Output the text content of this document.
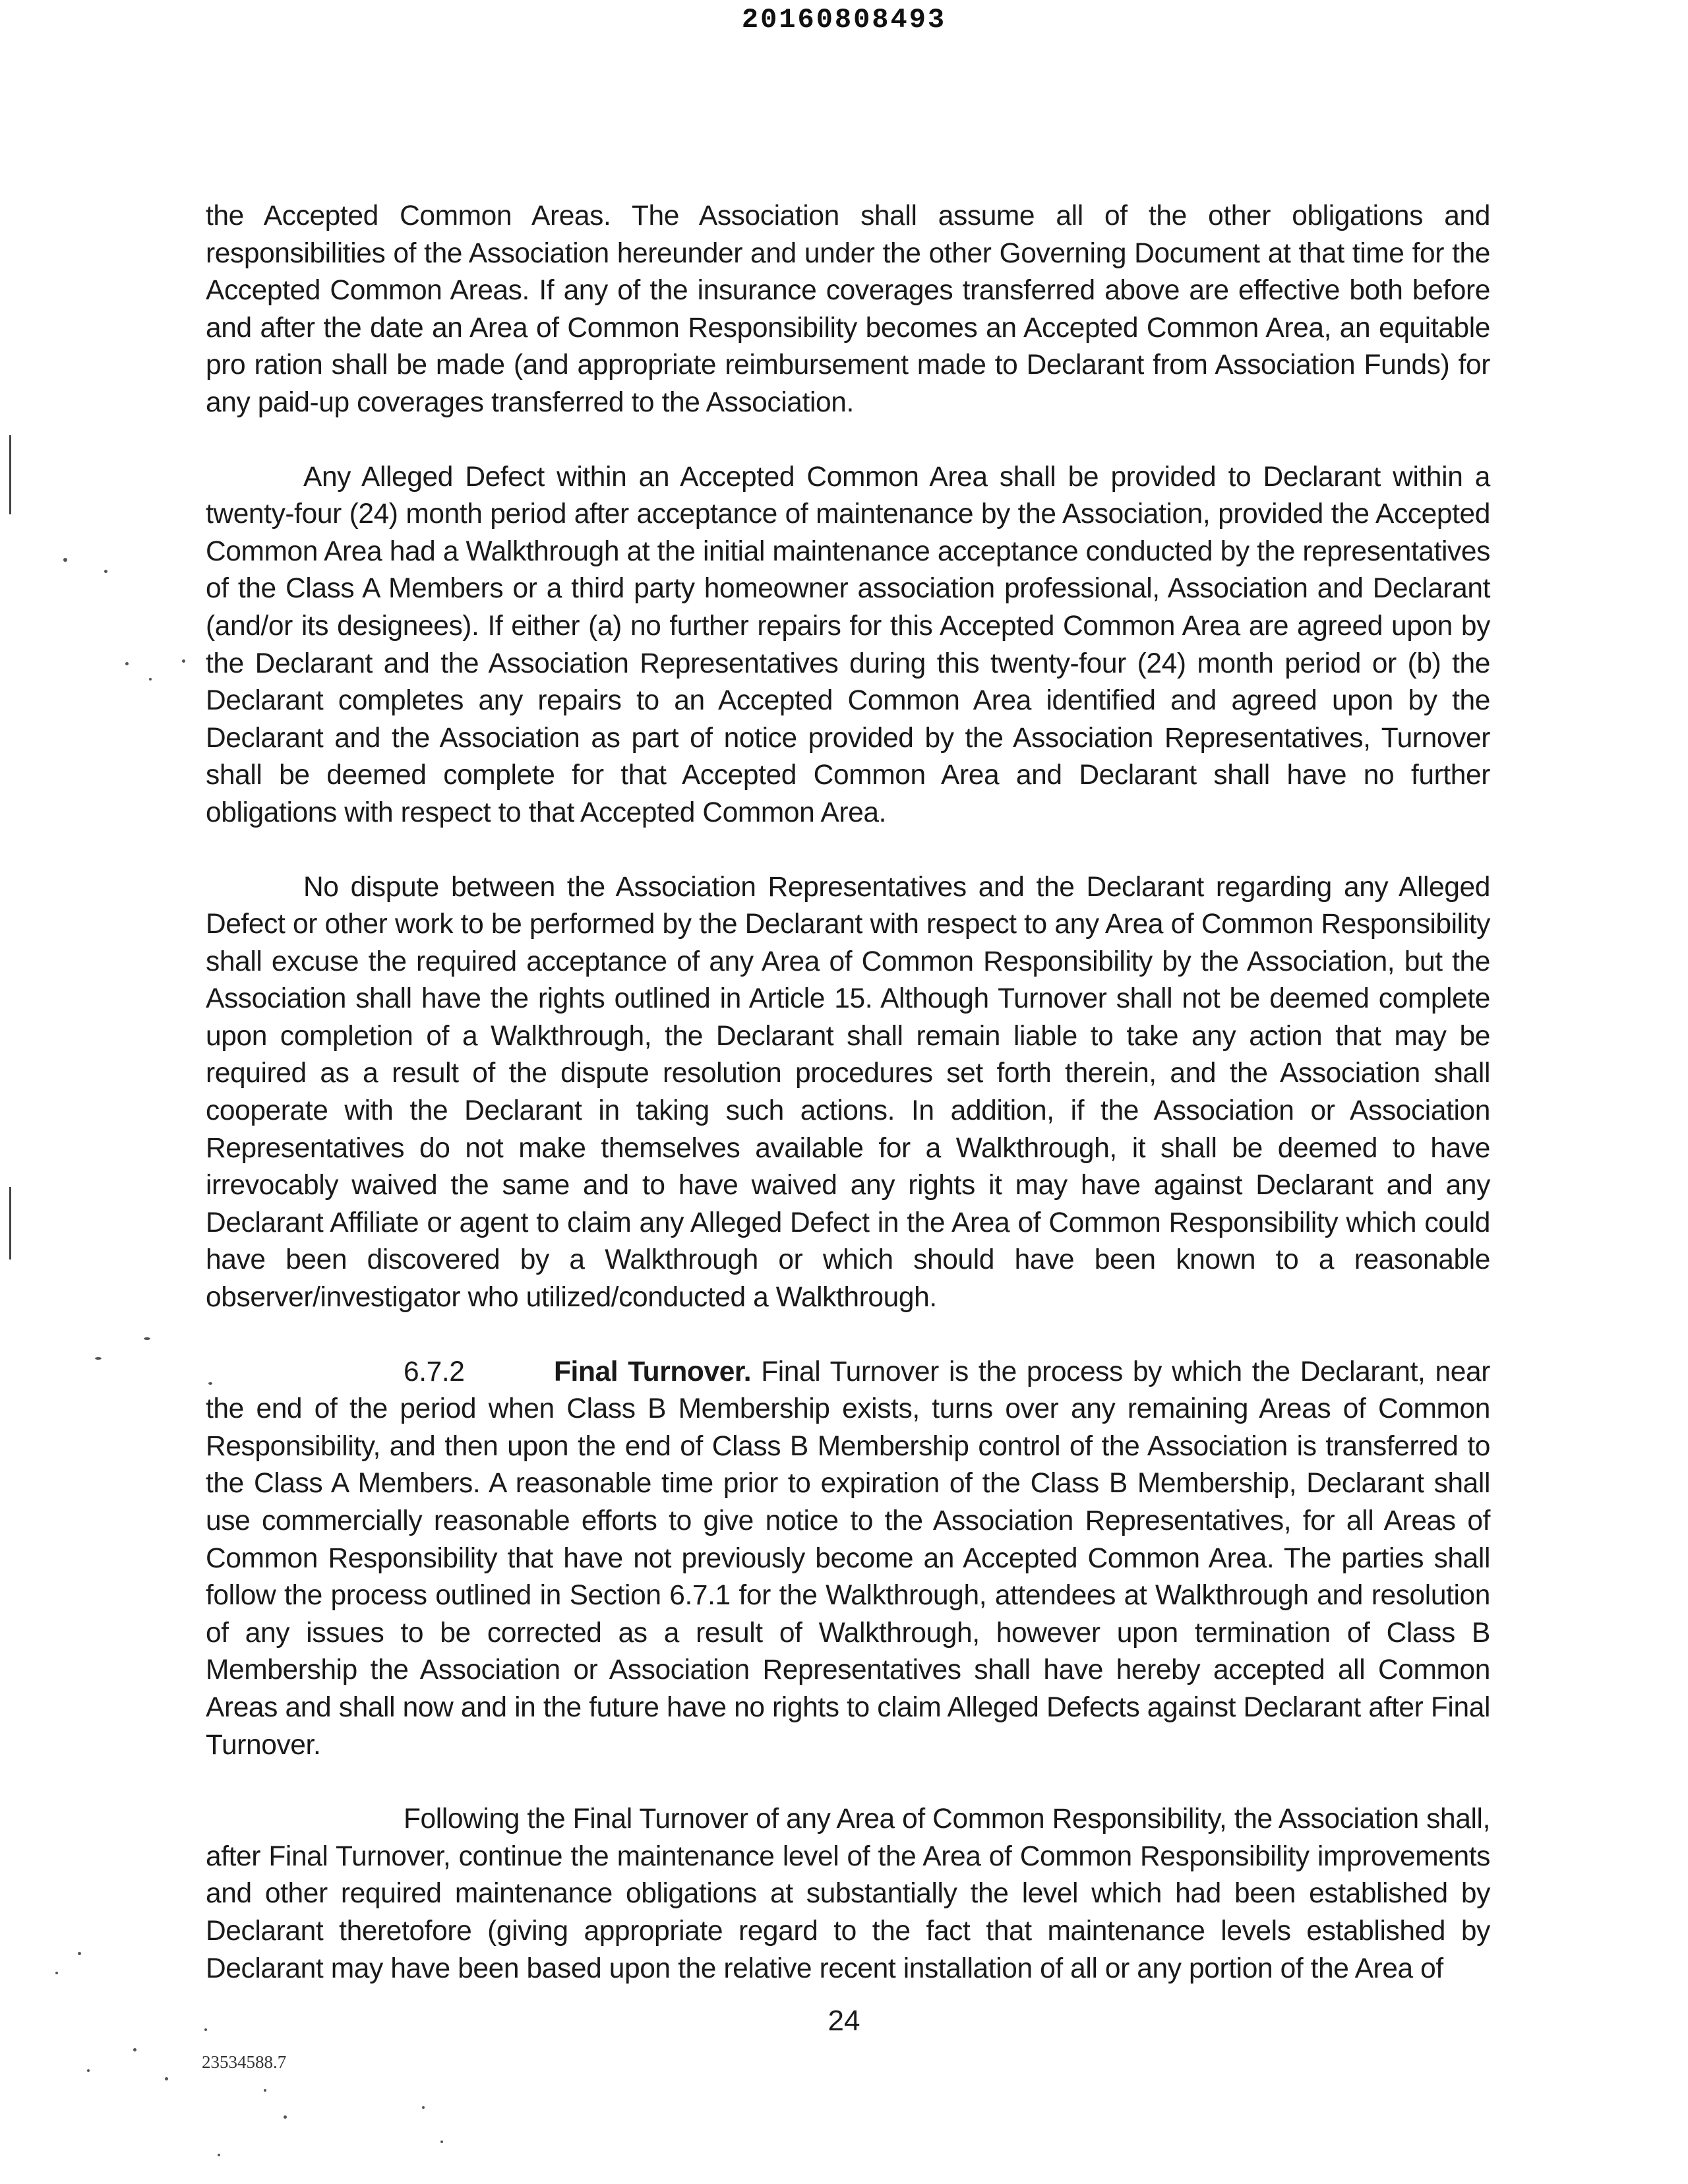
20160808493

the Accepted Common Areas. The Association shall assume all of the other obligations and responsibilities of the Association hereunder and under the other Governing Document at that time for the Accepted Common Areas. If any of the insurance coverages transferred above are effective both before and after the date an Area of Common Responsibility becomes an Accepted Common Area, an equitable pro ration shall be made (and appropriate reimbursement made to Declarant from Association Funds) for any paid-up coverages transferred to the Association.

Any Alleged Defect within an Accepted Common Area shall be provided to Declarant within a twenty-four (24) month period after acceptance of maintenance by the Association, provided the Accepted Common Area had a Walkthrough at the initial maintenance acceptance conducted by the representatives of the Class A Members or a third party homeowner association professional, Association and Declarant (and/or its designees). If either (a) no further repairs for this Accepted Common Area are agreed upon by the Declarant and the Association Representatives during this twenty-four (24) month period or (b) the Declarant completes any repairs to an Accepted Common Area identified and agreed upon by the Declarant and the Association as part of notice provided by the Association Representatives, Turnover shall be deemed complete for that Accepted Common Area and Declarant shall have no further obligations with respect to that Accepted Common Area.

No dispute between the Association Representatives and the Declarant regarding any Alleged Defect or other work to be performed by the Declarant with respect to any Area of Common Responsibility shall excuse the required acceptance of any Area of Common Responsibility by the Association, but the Association shall have the rights outlined in Article 15. Although Turnover shall not be deemed complete upon completion of a Walkthrough, the Declarant shall remain liable to take any action that may be required as a result of the dispute resolution procedures set forth therein, and the Association shall cooperate with the Declarant in taking such actions. In addition, if the Association or Association Representatives do not make themselves available for a Walkthrough, it shall be deemed to have irrevocably waived the same and to have waived any rights it may have against Declarant and any Declarant Affiliate or agent to claim any Alleged Defect in the Area of Common Responsibility which could have been discovered by a Walkthrough or which should have been known to a reasonable observer/investigator who utilized/conducted a Walkthrough.

6.7.2	Final Turnover. Final Turnover is the process by which the Declarant, near the end of the period when Class B Membership exists, turns over any remaining Areas of Common Responsibility, and then upon the end of Class B Membership control of the Association is transferred to the Class A Members. A reasonable time prior to expiration of the Class B Membership, Declarant shall use commercially reasonable efforts to give notice to the Association Representatives, for all Areas of Common Responsibility that have not previously become an Accepted Common Area. The parties shall follow the process outlined in Section 6.7.1 for the Walkthrough, attendees at Walkthrough and resolution of any issues to be corrected as a result of Walkthrough, however upon termination of Class B Membership the Association or Association Representatives shall have hereby accepted all Common Areas and shall now and in the future have no rights to claim Alleged Defects against Declarant after Final Turnover.

Following the Final Turnover of any Area of Common Responsibility, the Association shall, after Final Turnover, continue the maintenance level of the Area of Common Responsibility improvements and other required maintenance obligations at substantially the level which had been established by Declarant theretofore (giving appropriate regard to the fact that maintenance levels established by Declarant may have been based upon the relative recent installation of all or any portion of the Area of

24
23534588.7
